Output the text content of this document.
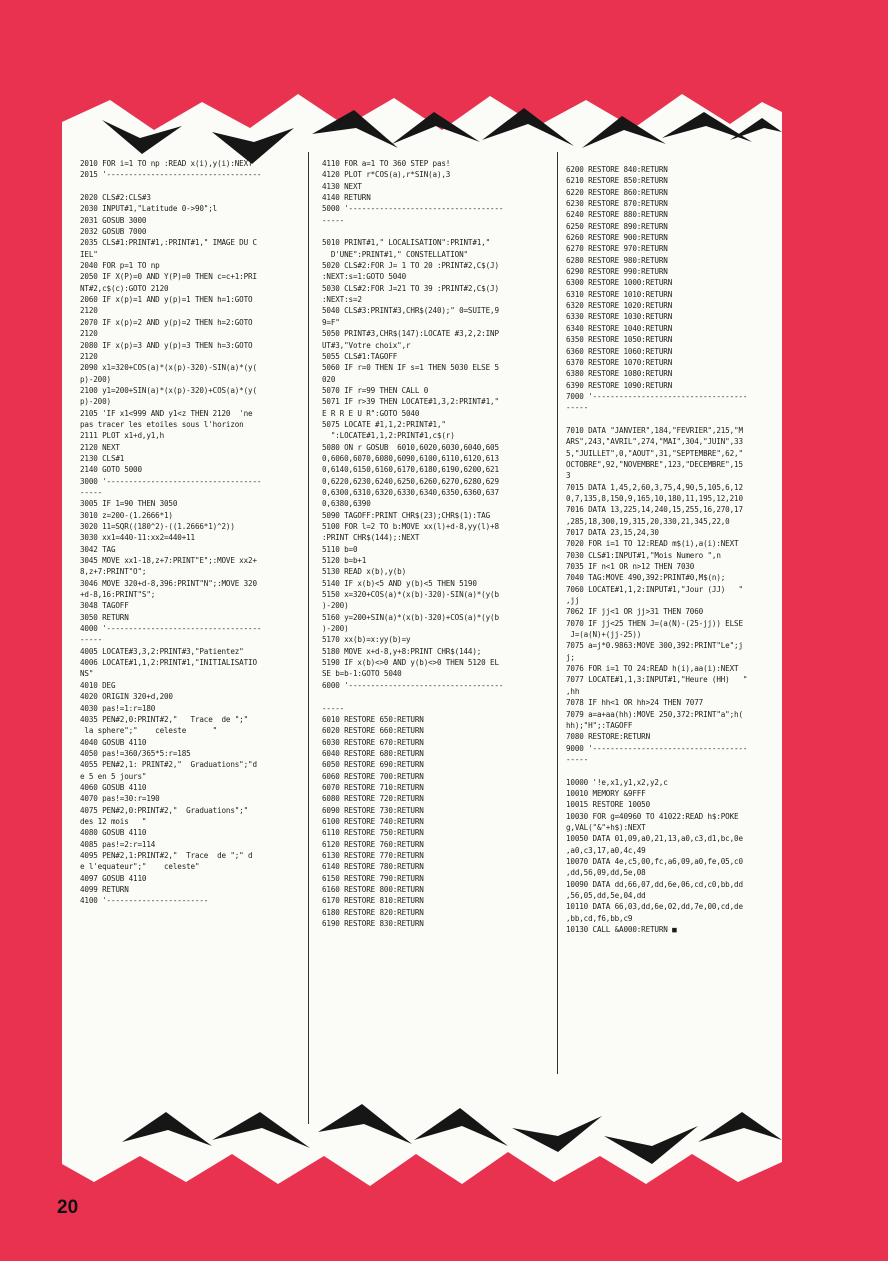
2010 FOR i=1 TO np :READ x(i),y(i):NEXT
2015 '-----------------------------------
2020 CLS#2:CLS#3
2030 INPUT#1,"Latitude 0->90";l
2031 GOSUB 3000
2032 GOSUB 7000
2035 CLS#1:PRINT#1,:PRINT#1," IMAGE DU C
IEL"
2040 FOR p=1 TO np
2050 IF X(P)=0 AND Y(P)=0 THEN c=c+1:PRI
NT#2,c$(c):GOTO 2120
2060 IF x(p)=1 AND y(p)=1 THEN h=1:GOTO
2120
2070 IF x(p)=2 AND y(p)=2 THEN h=2:GOTO
2120
2080 IF x(p)=3 AND y(p)=3 THEN h=3:GOTO
2120
2090 x1=320+COS(a)*(x(p)-320)-SIN(a)*(y(
p)-200)
2100 y1=200+SIN(a)*(x(p)-320)+COS(a)*(y(
p)-200)
2105 'IF x1<999 AND y1<z THEN 2120  'ne
pas tracer les etoiles sous l'horizon
2111 PLOT x1+d,y1,h
2120 NEXT
2130 CLS#1
2140 GOTO 5000
3000 '-----------------------------------
-----
3005 IF 1=90 THEN 3050
3010 z=200-(1.2666*1)
3020 11=SQR((180^2)-((1.2666*1)^2))
3030 xx1=440-11:xx2=440+11
3042 TAG
3045 MOVE xx1-18,z+7:PRINT"E";:MOVE xx2+
8,z+7:PRINT"O";
3046 MOVE 320+d-8,396:PRINT"N";:MOVE 320
+d-8,16:PRINT"S";
3048 TAGOFF
3050 RETURN
4000 '-----------------------------------
-----
4005 LOCATE#3,3,2:PRINT#3,"Patientez"
4006 LOCATE#1,1,2:PRINT#1,"INITIALISATIO
NS"
4010 DEG
4020 ORIGIN 320+d,200
4030 pas!=1:r=180
4035 PEN#2,0:PRINT#2,"   Trace  de ";"
la sphere";"    celeste      "
4040 GOSUB 4110
4050 pas!=360/365*5:r=185
4055 PEN#2,1: PRINT#2,"  Graduations";"d
e 5 en 5 jours"
4060 GOSUB 4110
4070 pas!=30:r=190
4075 PEN#2,0:PRINT#2,"  Graduations";"
des 12 mois   "
4080 GOSUB 4110
4085 pas!=2:r=114
4095 PEN#2,1:PRINT#2,"  Trace  de ";" d
e l'equateur";"    celeste"
4097 GOSUB 4110
4099 RETURN
4100 '-----------------------
4110 FOR a=1 TO 360 STEP pas!
4120 PLOT r*COS(a),r*SIN(a),3
4130 NEXT
4140 RETURN
5000 '-----------------------------------
-----
5010 PRINT#1," LOCALISATION":PRINT#1,"
D'UNE":PRINT#1," CONSTELLATION"
5020 CLS#2:FOR J= 1 TO 20 :PRINT#2,C$(J)
:NEXT:s=1:GOTO 5040
5030 CLS#2:FOR J=21 TO 39 :PRINT#2,C$(J)
:NEXT:s=2
5040 CLS#3:PRINT#3,CHR$(240);" 0=SUITE,9
9=F"
5050 PRINT#3,CHR$(147):LOCATE #3,2,2:INP
UT#3,"Votre choix",r
5055 CLS#1:TAGOFF
5060 IF r=0 THEN IF s=1 THEN 5030 ELSE 5
020
5070 IF r=99 THEN CALL 0
5071 IF r>39 THEN LOCATE#1,3,2:PRINT#1,"
E R R E U R":GOTO 5040
5075 LOCATE #1,1,2:PRINT#1,"
":LOCATE#1,1,2:PRINT#1,c$(r)
5080 ON r GOSUB  6010,6020,6030,6040,605
0,6060,6070,6080,6090,6100,6110,6120,613
0,6140,6150,6160,6170,6180,6190,6200,621
0,6220,6230,6240,6250,6260,6270,6280,629
0,6300,6310,6320,6330,6340,6350,6360,637
0,6380,6390
5090 TAGOFF:PRINT CHR$(23);CHR$(1):TAG
5100 FOR l=2 TO b:MOVE xx(l)+d-8,yy(l)+8
:PRINT CHR$(144);:NEXT
5110 b=0
5120 b=b+1
5130 READ x(b),y(b)
5140 IF x(b)<5 AND y(b)<5 THEN 5190
5150 x=320+COS(a)*(x(b)-320)-SIN(a)*(y(b
)-200)
5160 y=200+SIN(a)*(x(b)-320)+COS(a)*(y(b
)-200)
5170 xx(b)=x:yy(b)=y
5180 MOVE x+d-8,y+8:PRINT CHR$(144);
5190 IF x(b)<>0 AND y(b)<>0 THEN 5120 EL
SE b=b-1:GOTO 5040
6000 '-----------------------------------
-----
6010 RESTORE 650:RETURN
6020 RESTORE 660:RETURN
6030 RESTORE 670:RETURN
6040 RESTORE 680:RETURN
6050 RESTORE 690:RETURN
6060 RESTORE 700:RETURN
6070 RESTORE 710:RETURN
6080 RESTORE 720:RETURN
6090 RESTORE 730:RETURN
6100 RESTORE 740:RETURN
6110 RESTORE 750:RETURN
6120 RESTORE 760:RETURN
6130 RESTORE 770:RETURN
6140 RESTORE 780:RETURN
6150 RESTORE 790:RETURN
6160 RESTORE 800:RETURN
6170 RESTORE 810:RETURN
6180 RESTORE 820:RETURN
6190 RESTORE 830:RETURN
6200 RESTORE 840:RETURN
6210 RESTORE 850:RETURN
6220 RESTORE 860:RETURN
6230 RESTORE 870:RETURN
6240 RESTORE 880:RETURN
6250 RESTORE 890:RETURN
6260 RESTORE 900:RETURN
6270 RESTORE 970:RETURN
6280 RESTORE 980:RETURN
6290 RESTORE 990:RETURN
6300 RESTORE 1000:RETURN
6310 RESTORE 1010:RETURN
6320 RESTORE 1020:RETURN
6330 RESTORE 1030:RETURN
6340 RESTORE 1040:RETURN
6350 RESTORE 1050:RETURN
6360 RESTORE 1060:RETURN
6370 RESTORE 1070:RETURN
6380 RESTORE 1080:RETURN
6390 RESTORE 1090:RETURN
7000 '-----------------------------------
-----
7010 DATA "JANVIER",184,"FEVRIER",215,"M
ARS",243,"AVRIL",274,"MAI",304,"JUIN",33
5,"JUILLET",0,"AOUT",31,"SEPTEMBRE",62,"
OCTOBRE",92,"NOVEMBRE",123,"DECEMBRE",15
3
7015 DATA 1,45,2,60,3,75,4,90,5,105,6,12
0,7,135,8,150,9,165,10,180,11,195,12,210
7016 DATA 13,225,14,240,15,255,16,270,17
,285,18,300,19,315,20,330,21,345,22,0
7017 DATA 23,15,24,30
7020 FOR i=1 TO 12:READ m$(i),a(i):NEXT
7030 CLS#1:INPUT#1,"Mois Numero ",n
7035 IF n<1 OR n>12 THEN 7030
7040 TAG:MOVE 490,392:PRINT#0,M$(n);
7060 LOCATE#1,1,2:INPUT#1,"Jour (JJ)   "
,jj
7062 IF jj<1 OR jj>31 THEN 7060
7070 IF jj<25 THEN J=(a(N)-(25-jj)) ELSE
J=(a(N)+(jj-25))
7075 a=j*0.9863:MOVE 300,392:PRINT"Le";j
j;
7076 FOR i=1 TO 24:READ h(i),aa(i):NEXT
7077 LOCATE#1,1,3:INPUT#1,"Heure (HH)   "
,hh
7078 IF hh<1 OR hh>24 THEN 7077
7079 a=a+aa(hh):MOVE 250,372:PRINT"a";h(
hh);"H";:TAGOFF
7080 RESTORE:RETURN
9000 '-----------------------------------
-----
10000 '!e,x1,y1,x2,y2,c
10010 MEMORY &9FFF
10015 RESTORE 10050
10030 FOR g=40960 TO 41022:READ h$:POKE
g,VAL("&"+h$):NEXT
10050 DATA 01,09,a0,21,13,a0,c3,d1,bc,0e
,a0,c3,17,a0,4c,49
10070 DATA 4e,c5,00,fc,a6,09,a0,fe,05,c0
,dd,56,09,dd,5e,08
10090 DATA dd,66,07,dd,6e,06,cd,c0,bb,dd
,56,05,dd,5e,04,dd
10110 DATA 66,03,dd,6e,02,dd,7e,00,cd,de
,bb,cd,f6,bb,c9
10130 CALL &A000:RETURN ■
20
